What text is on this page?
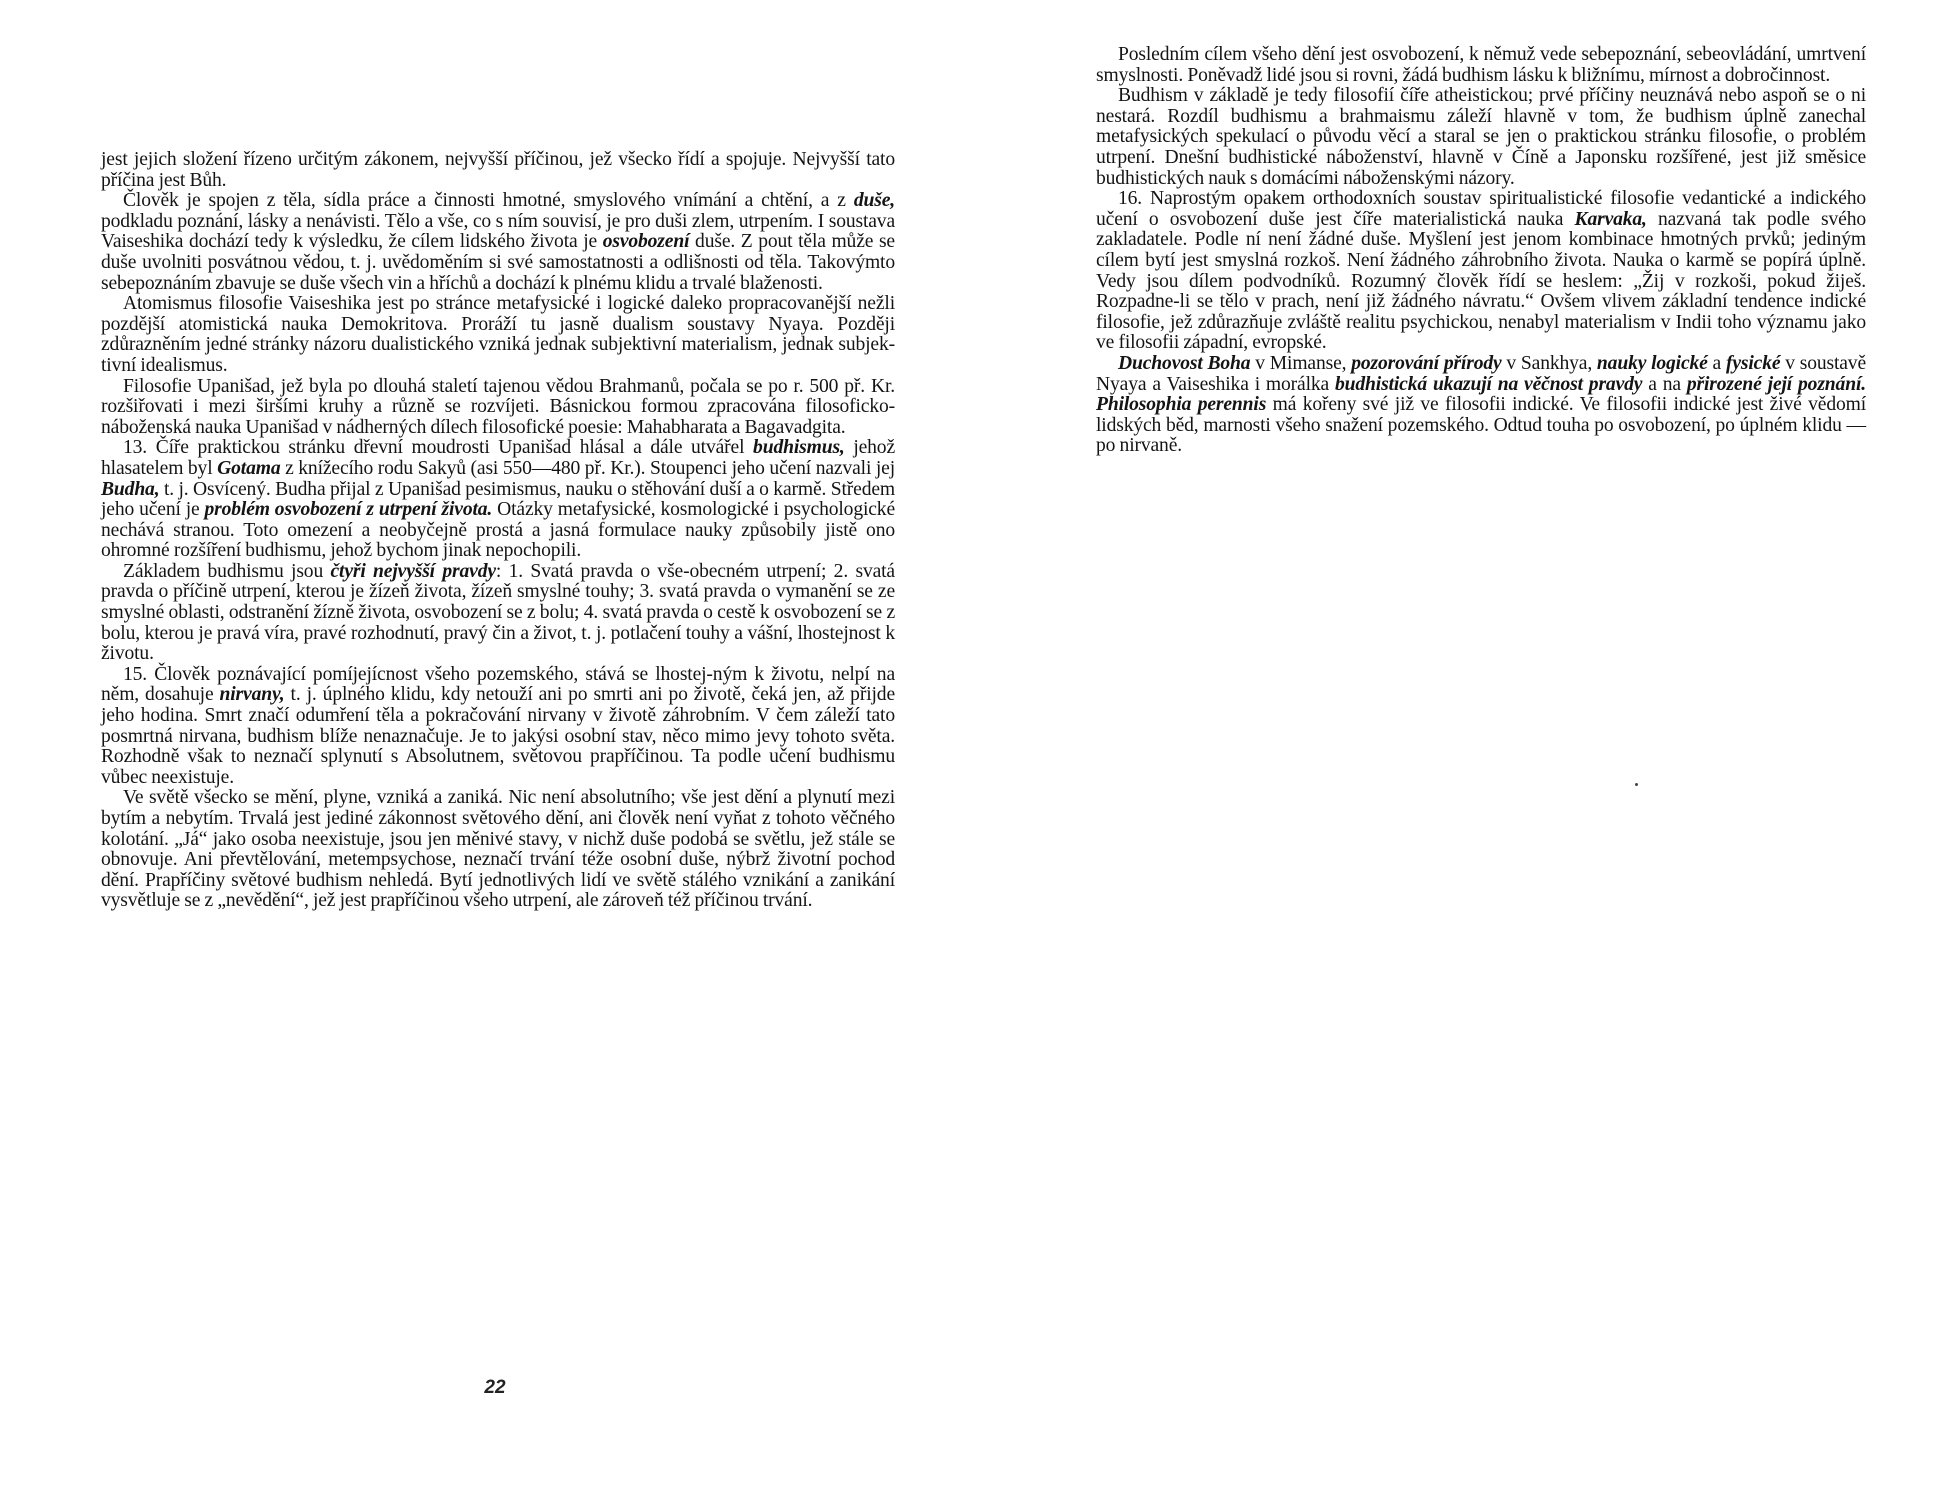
jest jejich složení řízeno určitým zákonem, nejvyšší příčinou, jež všecko řídí a spojuje. Nejvyšší tato příčina jest Bůh.

Člověk je spojen z těla, sídla práce a činnosti hmotné, smyslového vnímání a chtění, a z duše, podkladu poznání, lásky a nenávisti. Tělo a vše, co s ním souvisí, je pro duši zlem, utrpením. I soustava Vaiseshika dochází tedy k výsledku, že cílem lidského života je osvobození duše. Z pout těla může se duše uvolniti posvátnou vědou, t. j. uvědoměním si své samostatnosti a odlišnosti od těla. Takovýmto sebepoznáním zbavuje se duše všech vin a hříchů a dochází k plnému klidu a trvalé blaženosti.

Atomismus filosofie Vaiseshika jest po stránce metafysické i logické daleko propracovanější nežli pozdější atomistická nauka Demokritova. Proráží tu jasně dualism soustavy Nyaya. Později zdůrazněním jedné stránky názoru dualistického vzniká jednak subjektivní materialism, jednak subjek-tivní idealismus.

Filosofie Upanišad, jež byla po dlouhá staletí tajenou vědou Brahmanů, počala se po r. 500 př. Kr. rozšiřovati i mezi širšími kruhy a různě se rozvíjeti. Básnickou formou zpracována filosoficko-náboženská nauka Upanišad v nádherných dílech filosofické poesie: Mahabharata a Bagavadgita.

13. Číře praktickou stránku dřevní moudrosti Upanišad hlásal a dále utvářel budhismus, jehož hlasatelem byl Gotama z knížecího rodu Sakyů (asi 550—480 př. Kr.). Stoupenci jeho učení nazvali jej Budha, t. j. Osvícený. Budha přijal z Upanišad pesimismus, nauku o stěhování duší a o karmě. Středem jeho učení je problém osvobození z utrpení života. Otázky metafysické, kosmologické i psychologické nechává stranou. Toto omezení a neobyčejně prostá a jasná formulace nauky způsobily jistě ono ohromné rozšíření budhismu, jehož bychom jinak nepochopili.

Základem budhismu jsou čtyři nejvyšší pravdy: 1. Svatá pravda o vše-obecném utrpení; 2. svatá pravda o příčině utrpení, kterou je žízeň života, žízeň smyslné touhy; 3. svatá pravda o vymanění se ze smyslné oblasti, odstranění žízně života, osvobození se z bolu; 4. svatá pravda o cestě k osvobození se z bolu, kterou je pravá víra, pravé rozhodnutí, pravý čin a život, t. j. potlačení touhy a vášní, lhostejnost k životu.

15. Člověk poznávající pomíjejícnost všeho pozemského, stává se lhostej-ným k životu, nelpí na něm, dosahuje nirvany, t. j. úplného klidu, kdy netouží ani po smrti ani po životě, čeká jen, až přijde jeho hodina. Smrt značí odumření těla a pokračování nirvany v životě záhrobním. V čem záleží tato posmrtná nirvana, budhism blíže nenaznačuje. Je to jakýsi osobní stav, něco mimo jevy tohoto světa. Rozhodně však to neznačí splynutí s Absolutnem, světovou prapříčinou. Ta podle učení budhismu vůbec neexistuje.

Ve světě všecko se mění, plyne, vzniká a zaniká. Nic není absolutního; vše jest dění a plynutí mezi bytím a nebytím. Trvalá jest jediné zákonnost světového dění, ani člověk není vyňat z tohoto věčného kolotání. „Já“ jako osoba neexistuje, jsou jen měnivé stavy, v nichž duše podobá se světlu, jež stále se obnovuje. Ani převtělování, metempsychose, neznačí trvání téže osobní duše, nýbrž životní pochod dění. Prapříčiny světové budhism nehledá. Bytí jednotlivých lidí ve světě stálého vznikání a zanikání vysvětluje se z „nevědění“, jež jest prapříčinou všeho utrpení, ale zároveň též příčinou trvání.

22

Posledním cílem všeho dění jest osvobození, k němuž vede sebepoznání, sebeovládání, umrtvení smyslnosti. Poněvadž lidé jsou si rovni, žádá budhism lásku k bližnímu, mírnost a dobročinnost.

Budhism v základě je tedy filosofií číře atheistickou; prvé příčiny neuznává nebo aspoň se o ni nestará. Rozdíl budhismu a brahmaismu záleží hlavně v tom, že budhism úplně zanechal metafysických spekulací o původu věcí a staral se jen o praktickou stránku filosofie, o problém utrpení. Dnešní budhistické náboženství, hlavně v Číně a Japonsku rozšířené, jest již směsice budhistických nauk s domácími náboženskými názory.

16. Naprostým opakem orthodoxních soustav spiritualistické filosofie vedantické a indického učení o osvobození duše jest číře materialistická nauka Karvaka, nazvaná tak podle svého zakladatele. Podle ní není žádné duše. Myšlení jest jenom kombinace hmotných prvků; jediným cílem bytí jest smyslná rozkoš. Není žádného záhrobního života. Nauka o karmě se popírá úplně. Vedy jsou dílem podvodníků. Rozumný člověk řídí se heslem: „Žij v rozkoši, pokud žiješ. Rozpadne-li se tělo v prach, není již žádného návratu.“ Ovšem vlivem základní tendence indické filosofie, jež zdůrazňuje zvláště realitu psychickou, nenabyl materialism v Indii toho významu jako ve filosofii západní, evropské.

Duchovost Boha v Mimanse, pozorování přírody v Sankhya, nauky logické a fysické v soustavě Nyaya a Vaiseshika i morálka budhistická ukazují na věčnost pravdy a na přirozené její poznání. Philosophia perennis má kořeny své již ve filosofii indické. Ve filosofii indické jest živé vědomí lidských běd, marnosti všeho snažení pozemského. Odtud touha po osvobození, po úplném klidu — po nirvaně.
